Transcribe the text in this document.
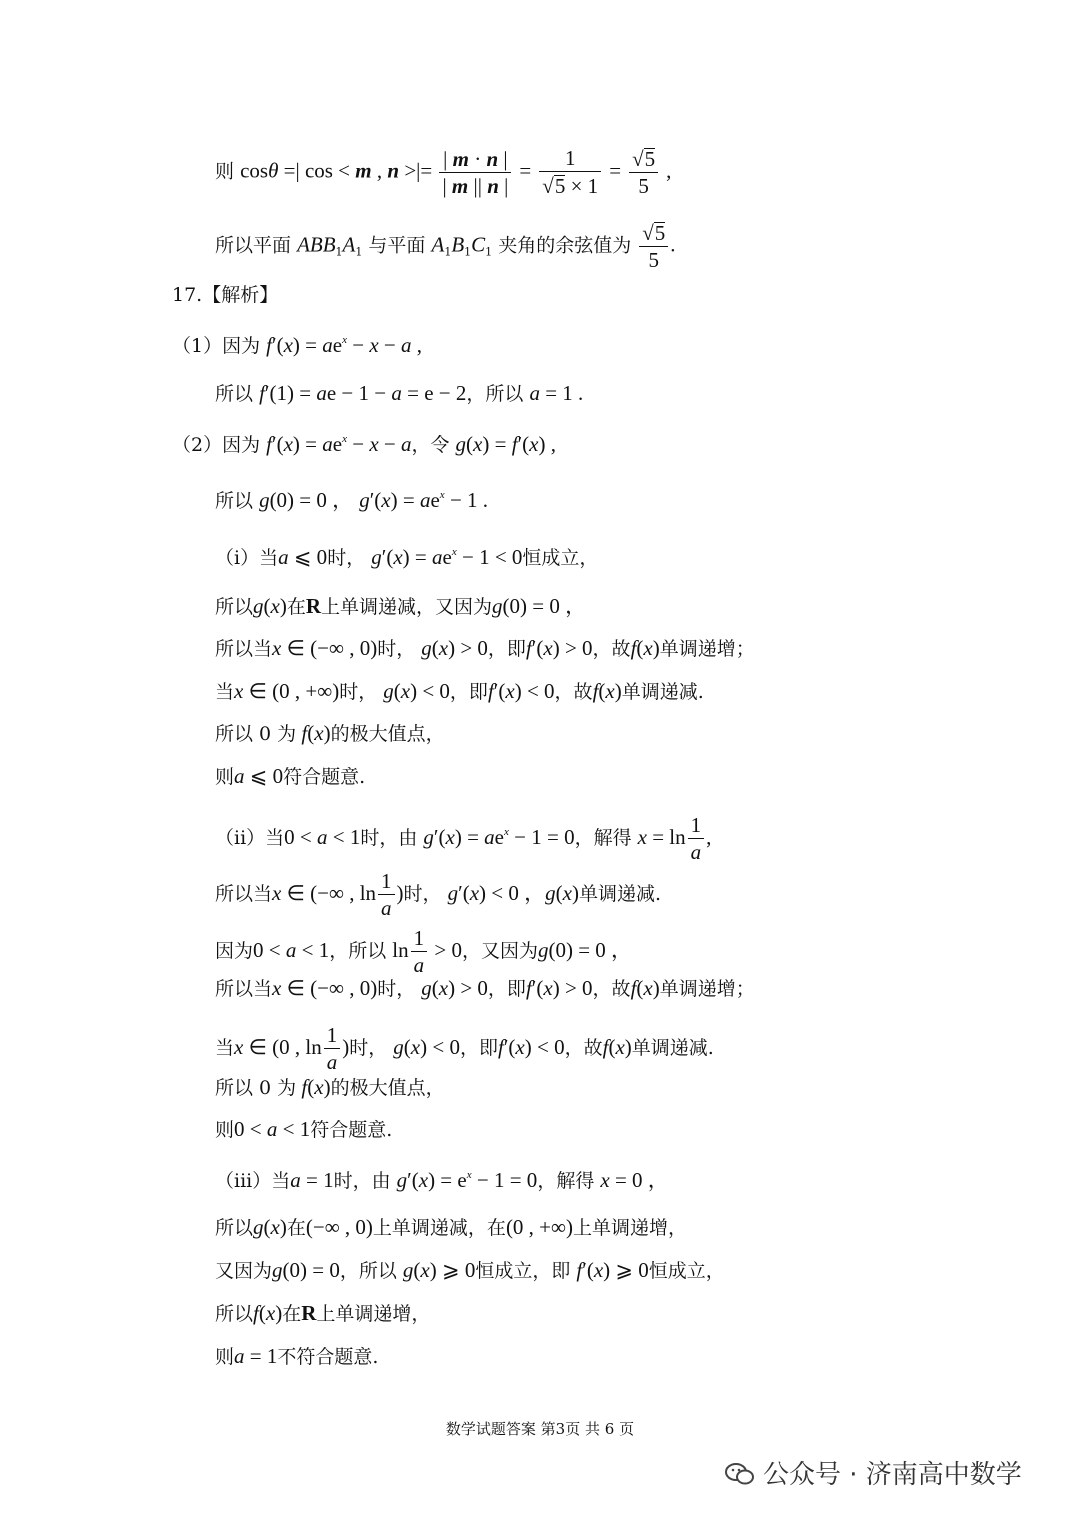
则 cosθ =| cos < m , n >|= $\frac{| m \cdot n |}{| m || n |} = \frac{1}{√5 \times 1} = \frac{√5}{5}$ ,
所以平面 $ABB_1A_1$ 与平面 $A_1B_1C_1$ 夹角的余弦值为 $\frac{√5}{5}$ .
17.【解析】
（1）因为 $f'(x) = ae^x - x - a$ ,
所以 f′(1) = ae − 1 − a = e − 2，所以 a = 1 .
（2）因为 $f'(x) = ae^x - x - a$，令 g(x) = f′(x) ,
所以 g(0) = 0 ， $g'(x) = ae^x - 1$ .
（i）当a ⩽ 0时， $g'(x) = ae^x - 1 < 0$恒成立，
所以g(x)在R上单调递减，又因为g(0) = 0 ，
所以当x ∈ (−∞ , 0)时， g(x) > 0，即f′(x) > 0，故f(x)单调递增；
当x ∈ (0 , +∞)时， g(x) < 0，即f′(x) < 0，故f(x)单调递减.
所以 0 为 f(x)的极大值点，
则a ⩽ 0符合题意.
（ii）当0 < a < 1时，由 $g'(x) = ae^x - 1 = 0$，解得 $x = \ln \frac{1}{a}$ ,
所以当x ∈ (−∞ , $\ln \frac{1}{a}$ )时， g′(x) < 0 ，g(x)单调递减.
因为0 < a < 1，所以 $\ln \frac{1}{a} > 0$，又因为g(0) = 0 ，
所以当x ∈ (−∞ , 0)时， g(x) > 0，即f′(x) > 0，故f(x)单调递增；
当x ∈ (0 , $\ln \frac{1}{a}$ )时， g(x) < 0，即f′(x) < 0，故f(x)单调递减.
所以 0 为 f(x)的极大值点，
则0 < a < 1符合题意.
（iii）当a = 1时，由 $g'(x) = e^x - 1 = 0$，解得 x = 0 ，
所以g(x)在(−∞ , 0)上单调递减，在(0 , +∞)上单调递增，
又因为g(0) = 0，所以 g(x) ⩾ 0恒成立，即 f′(x) ⩾ 0恒成立，
所以f(x)在R上单调递增，
则a = 1不符合题意.
数学试题答案 第3页 共 6 页
公众号 · 济南高中数学
